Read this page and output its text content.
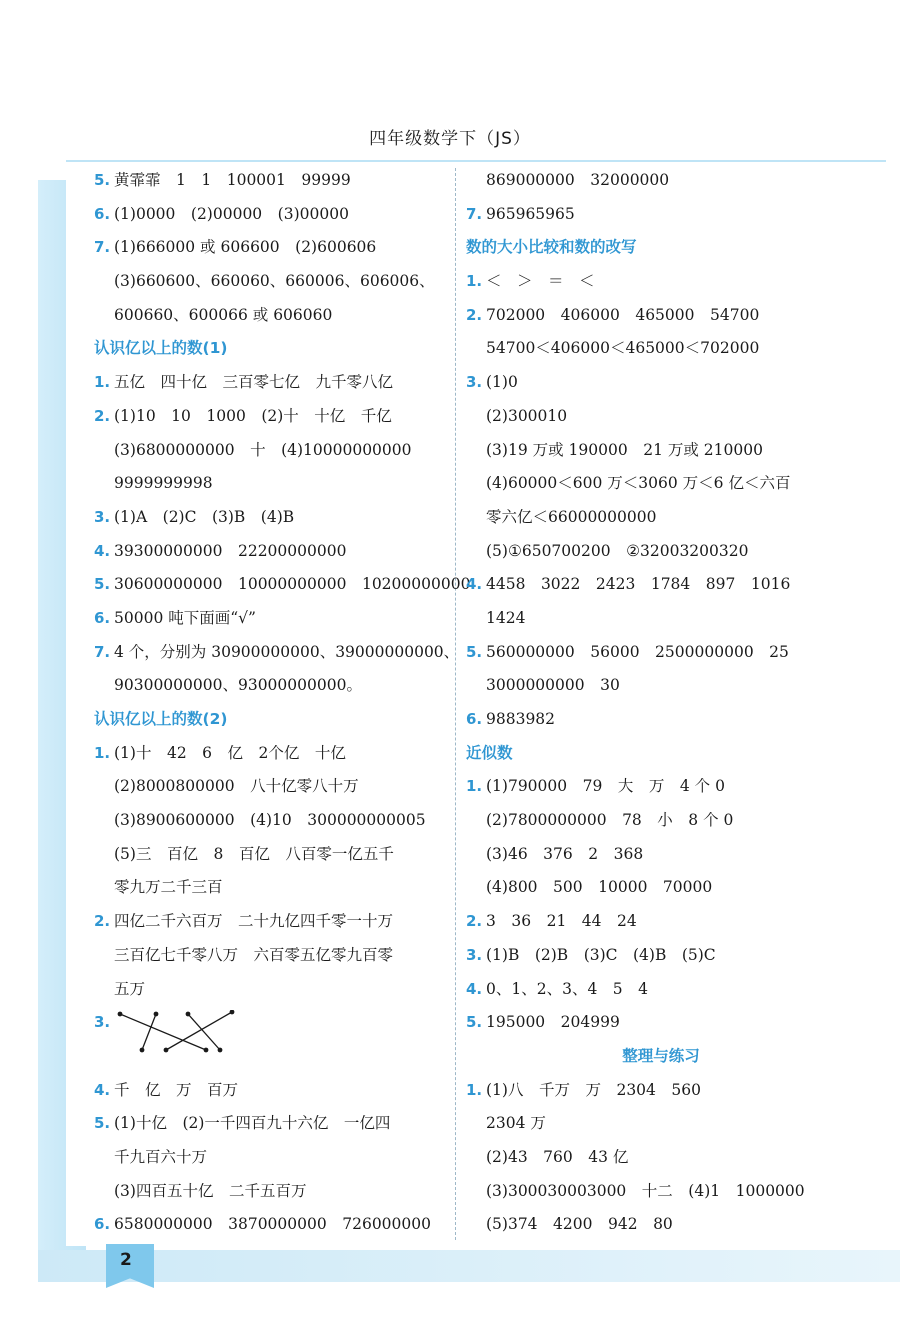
四年级数学下（JS）
5. 黄霏霏　1　1　100001　99999
6. (1)0000　(2)00000　(3)00000
7. (1)666000 或 606600　(2)600606
(3)660600、660060、660006、606006、
600660、600066 或 606060
认识亿以上的数(1)
1. 五亿　四十亿　三百零七亿　九千零八亿
2. (1)10　10　1000　(2)十　十亿　千亿
(3)6800000000　十　(4)10000000000
9999999998
3. (1)A　(2)C　(3)B　(4)B
4. 39300000000　22200000000
5. 30600000000　10000000000　10200000000
6. 50000 吨下面画“√”
7. 4 个，分别为 30900000000、39000000000、
90300000000、93000000000。
认识亿以上的数(2)
1. (1)十　42　6　亿　2个亿　十亿
(2)8000800000　八十亿零八十万
(3)8900600000　(4)10　300000000005
(5)三　百亿　8　百亿　八百零一亿五千
零九万二千三百
2. 四亿二千六百万　二十九亿四千零一十万
三百亿七千零八万　六百零五亿零九百零
五万
3.
4. 千　亿　万　百万
5. (1)十亿　(2)一千四百九十六亿　一亿四
千九百六十万
(3)四百五十亿　二千五百万
6. 6580000000　3870000000　726000000
869000000　32000000
7. 965965965
数的大小比较和数的改写
1. ＜　＞　＝　＜
2. 702000　406000　465000　54700
54700＜406000＜465000＜702000
3. (1)0
(2)300010
(3)19 万或 190000　21 万或 210000
(4)60000＜600 万＜3060 万＜6 亿＜六百
零六亿＜66000000000
(5)①650700200　②32003200320
4. 4458　3022　2423　1784　897　1016
1424
5. 560000000　56000　2500000000　25
3000000000　30
6. 9883982
近似数
1. (1)790000　79　大　万　4 个 0
(2)7800000000　78　小　8 个 0
(3)46　376　2　368
(4)800　500　10000　70000
2. 3　36　21　44　24
3. (1)B　(2)B　(3)C　(4)B　(5)C
4. 0、1、2、3、4　5　4
5. 195000　204999
整理与练习
1. (1)八　千万　万　2304　560
2304 万
(2)43　760　43 亿
(3)300030003000　十二　(4)1　1000000
(5)374　4200　942　80
2
